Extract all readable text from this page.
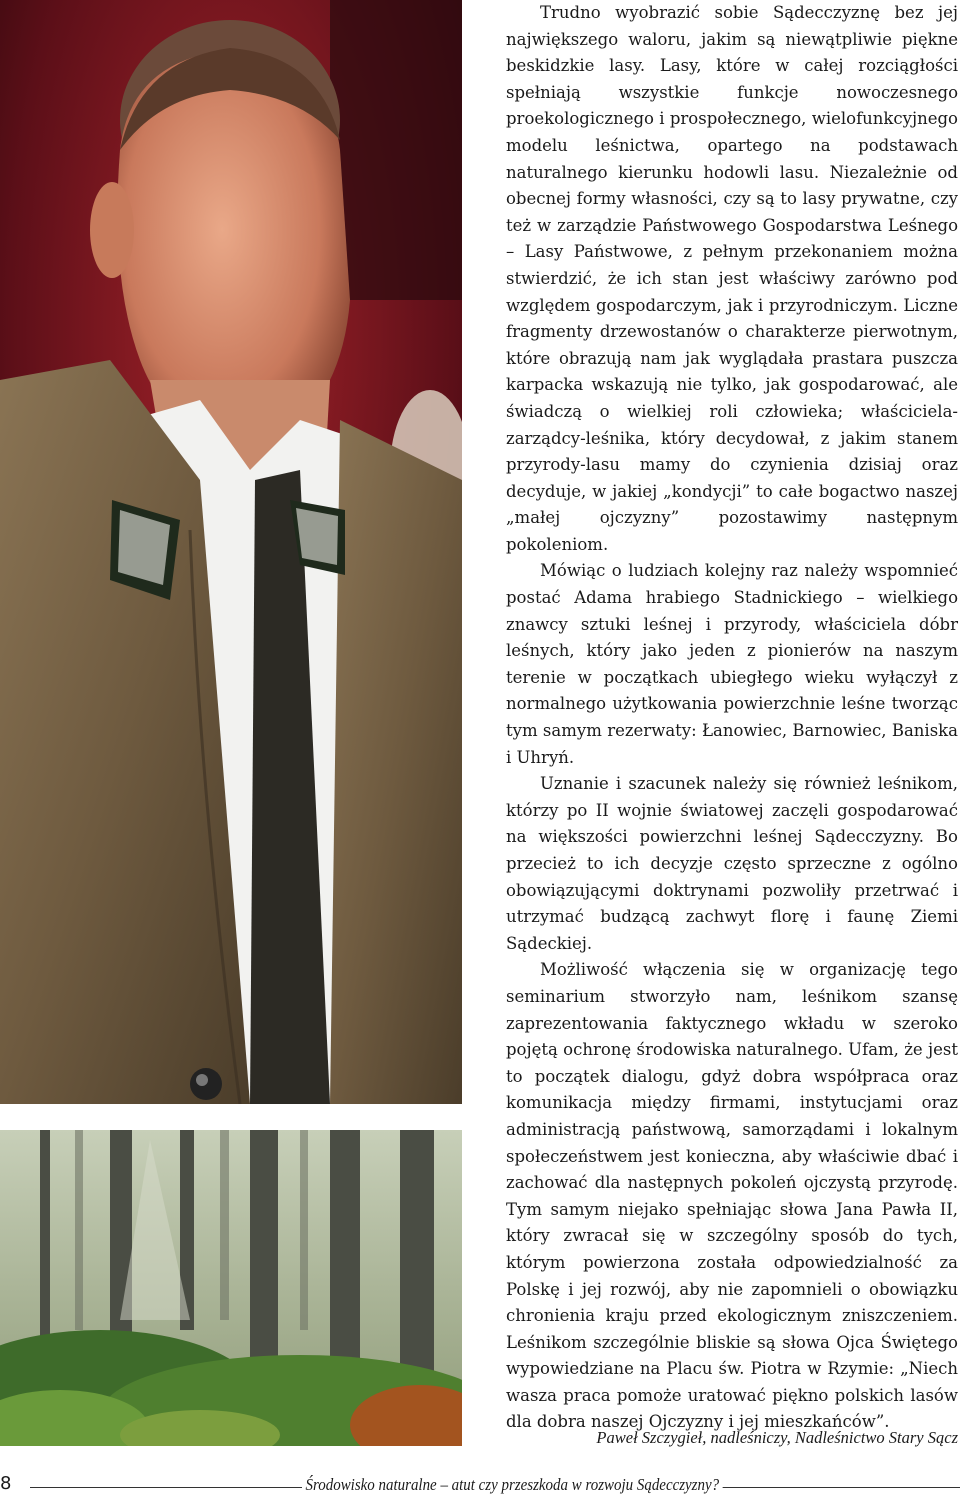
Trudno wyobrazić sobie Sądecczyznę bez jej największego waloru, jakim są niewątpliwie piękne beskidzkie lasy. Lasy, które w całej rozciągłości spełniają wszystkie funkcje nowoczesnego proekologicznego i prospołecznego, wielofunkcyjnego modelu leśnictwa, opartego na podstawach naturalnego kierunku hodowli lasu. Niezależnie od obecnej formy własności, czy są to lasy prywatne, czy też w zarządzie Państwowego Gospodarstwa Leśnego – Lasy Państwowe, z pełnym przekonaniem można stwierdzić, że ich stan jest właściwy zarówno pod względem gospodarczym, jak i przyrodniczym. Liczne fragmenty drzewostanów o charakterze pierwotnym, które obrazują nam jak wyglądała prastara puszcza karpacka wskazują nie tylko, jak gospodarować, ale świadczą o wielkiej roli człowieka; właściciela-zarządcy-leśnika, który decydował, z jakim stanem przyrody-lasu mamy do czynienia dzisiaj oraz decyduje, w jakiej „kondycji” to całe bogactwo naszej „małej ojczyzny” pozostawimy następnym pokoleniom.

Mówiąc o ludziach kolejny raz należy wspomnieć postać Adama hrabiego Stadnickiego – wielkiego znawcy sztuki leśnej i przyrody, właściciela dóbr leśnych, który jako jeden z pionierów na naszym terenie w początkach ubiegłego wieku wyłączył z normalnego użytkowania powierzchnie leśne tworząc tym samym rezerwaty: Łanowiec, Barnowiec, Baniska i Uhryń.

Uznanie i szacunek należy się również leśnikom, którzy po II wojnie światowej zaczęli gospodarować na większości powierzchni leśnej Sądecczyzny. Bo przecież to ich decyzje często sprzeczne z ogólno obowiązującymi doktrynami pozwoliły przetrwać i utrzymać budzącą zachwyt florę i faunę Ziemi Sądeckiej.

Możliwość włączenia się w organizację tego seminarium stworzyło nam, leśnikom szansę zaprezentowania faktycznego wkładu w szeroko pojętą ochronę środowiska naturalnego. Ufam, że jest to początek dialogu, gdyż dobra współpraca oraz komunikacja między firmami, instytucjami oraz administracją państwową, samorządami i lokalnym społeczeństwem jest konieczna, aby właściwie dbać i zachować dla następnych pokoleń ojczystą przyrodę. Tym samym niejako spełniając słowa Jana Pawła II, który zwracał się w szczególny sposób do tych, którym powierzona została odpowiedzialność za Polskę i jej rozwój, aby nie zapomnieli o obowiązku chronienia kraju przed ekologicznym zniszczeniem. Leśnikom szczególnie bliskie są słowa Ojca Świętego wypowiedziane na Placu św. Piotra w Rzymie: „Niech wasza praca pomoże uratować piękno polskich lasów dla dobra naszej Ojczyzny i jej mieszkańców”.

Paweł Szczygieł, nadleśniczy, Nadleśnictwo Stary Sącz
8	Środowisko naturalne – atut czy przeszkoda w rozwoju Sądecczyzny?
